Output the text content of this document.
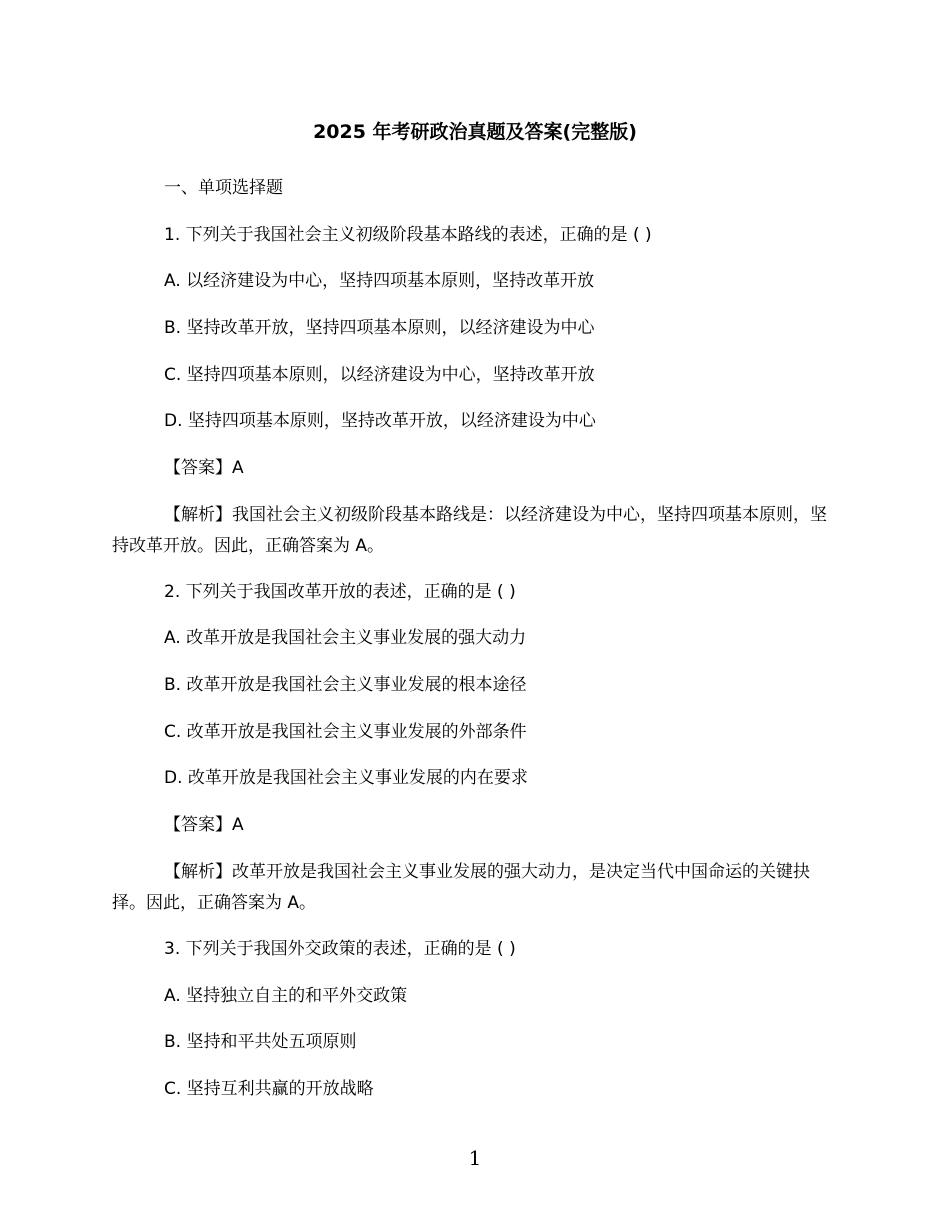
2025 年考研政治真题及答案(完整版)
一、单项选择题
1. 下列关于我国社会主义初级阶段基本路线的表述，正确的是 ( )
A. 以经济建设为中心，坚持四项基本原则，坚持改革开放
B. 坚持改革开放，坚持四项基本原则，以经济建设为中心
C. 坚持四项基本原则，以经济建设为中心，坚持改革开放
D. 坚持四项基本原则，坚持改革开放，以经济建设为中心
【答案】A
【解析】我国社会主义初级阶段基本路线是：以经济建设为中心，坚持四项基本原则，坚持改革开放。因此，正确答案为 A。
2. 下列关于我国改革开放的表述，正确的是 ( )
A. 改革开放是我国社会主义事业发展的强大动力
B. 改革开放是我国社会主义事业发展的根本途径
C. 改革开放是我国社会主义事业发展的外部条件
D. 改革开放是我国社会主义事业发展的内在要求
【答案】A
【解析】改革开放是我国社会主义事业发展的强大动力，是决定当代中国命运的关键抉择。因此，正确答案为 A。
3. 下列关于我国外交政策的表述，正确的是 ( )
A. 坚持独立自主的和平外交政策
B. 坚持和平共处五项原则
C. 坚持互利共赢的开放战略
1
